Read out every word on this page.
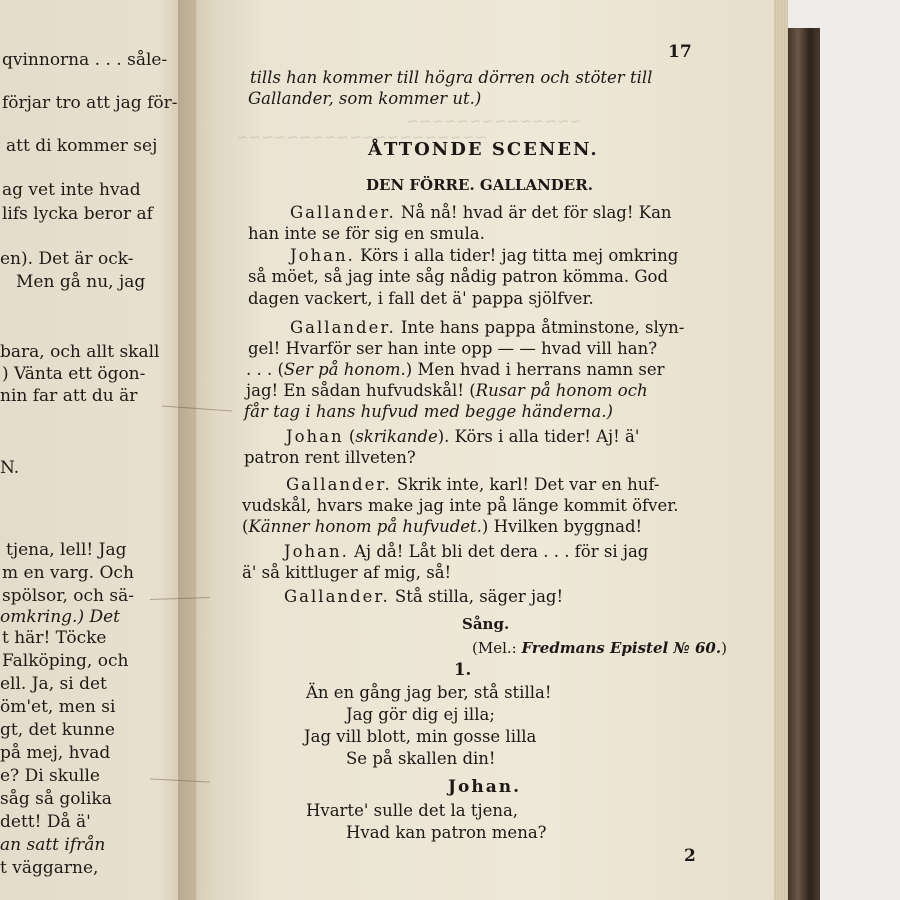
qvinnorna . . . såle-
förjar tro att jag för-
att di kommer sej
ag vet inte hvad
lifs lycka beror af
en). Det är ock-
Men gå nu, jag
bara, och allt skall
) Vänta ett ögon-
nin far att du är
N.
tjena, lell! Jag
m en varg. Och
spölsor, och sä-
omkring.) Det
t här! Töcke
Falköping, och
ell. Ja, si det
öm'et, men si
gt, det kunne
på mej, hvad
e? Di skulle
såg så golika
dett! Då ä'
an satt ifrån
t väggarne,
~~~~~~~~~~~~~~
~~~~~~~~~~~~~~~~~~~~
17
tills han kommer till högra dörren och stöter till
Gallander, som kommer ut.)
ÅTTONDE SCENEN.
DEN FÖRRE. GALLANDER.
Gallander. Nå nå! hvad är det för slag! Kan
han inte se för sig en smula.
Johan. Körs i alla tider! jag titta mej omkring
så möet, så jag inte såg nådig patron kömma. God
dagen vackert, i fall det ä' pappa sjölfver.
Gallander. Inte hans pappa åtminstone, slyn-
gel! Hvarför ser han inte opp — — hvad vill han?
. . . (Ser på honom.) Men hvad i herrans namn ser
jag! En sådan hufvudskål! (Rusar på honom och
får tag i hans hufvud med begge händerna.)
Johan (skrikande). Körs i alla tider! Aj! ä'
patron rent illveten?
Gallander. Skrik inte, karl! Det var en huf-
vudskål, hvars make jag inte på länge kommit öfver.
(Känner honom på hufvudet.) Hvilken byggnad!
Johan. Aj då! Låt bli det dera . . . för si jag
ä' så kittluger af mig, så!
Gallander. Stå stilla, säger jag!
Sång.
(Mel.: Fredmans Epistel № 60.)
1.
Än en gång jag ber, stå stilla!
Jag gör dig ej illa;
Jag vill blott, min gosse lilla
Se på skallen din!
Johan.
Hvarte' sulle det la tjena,
Hvad kan patron mena?
2
